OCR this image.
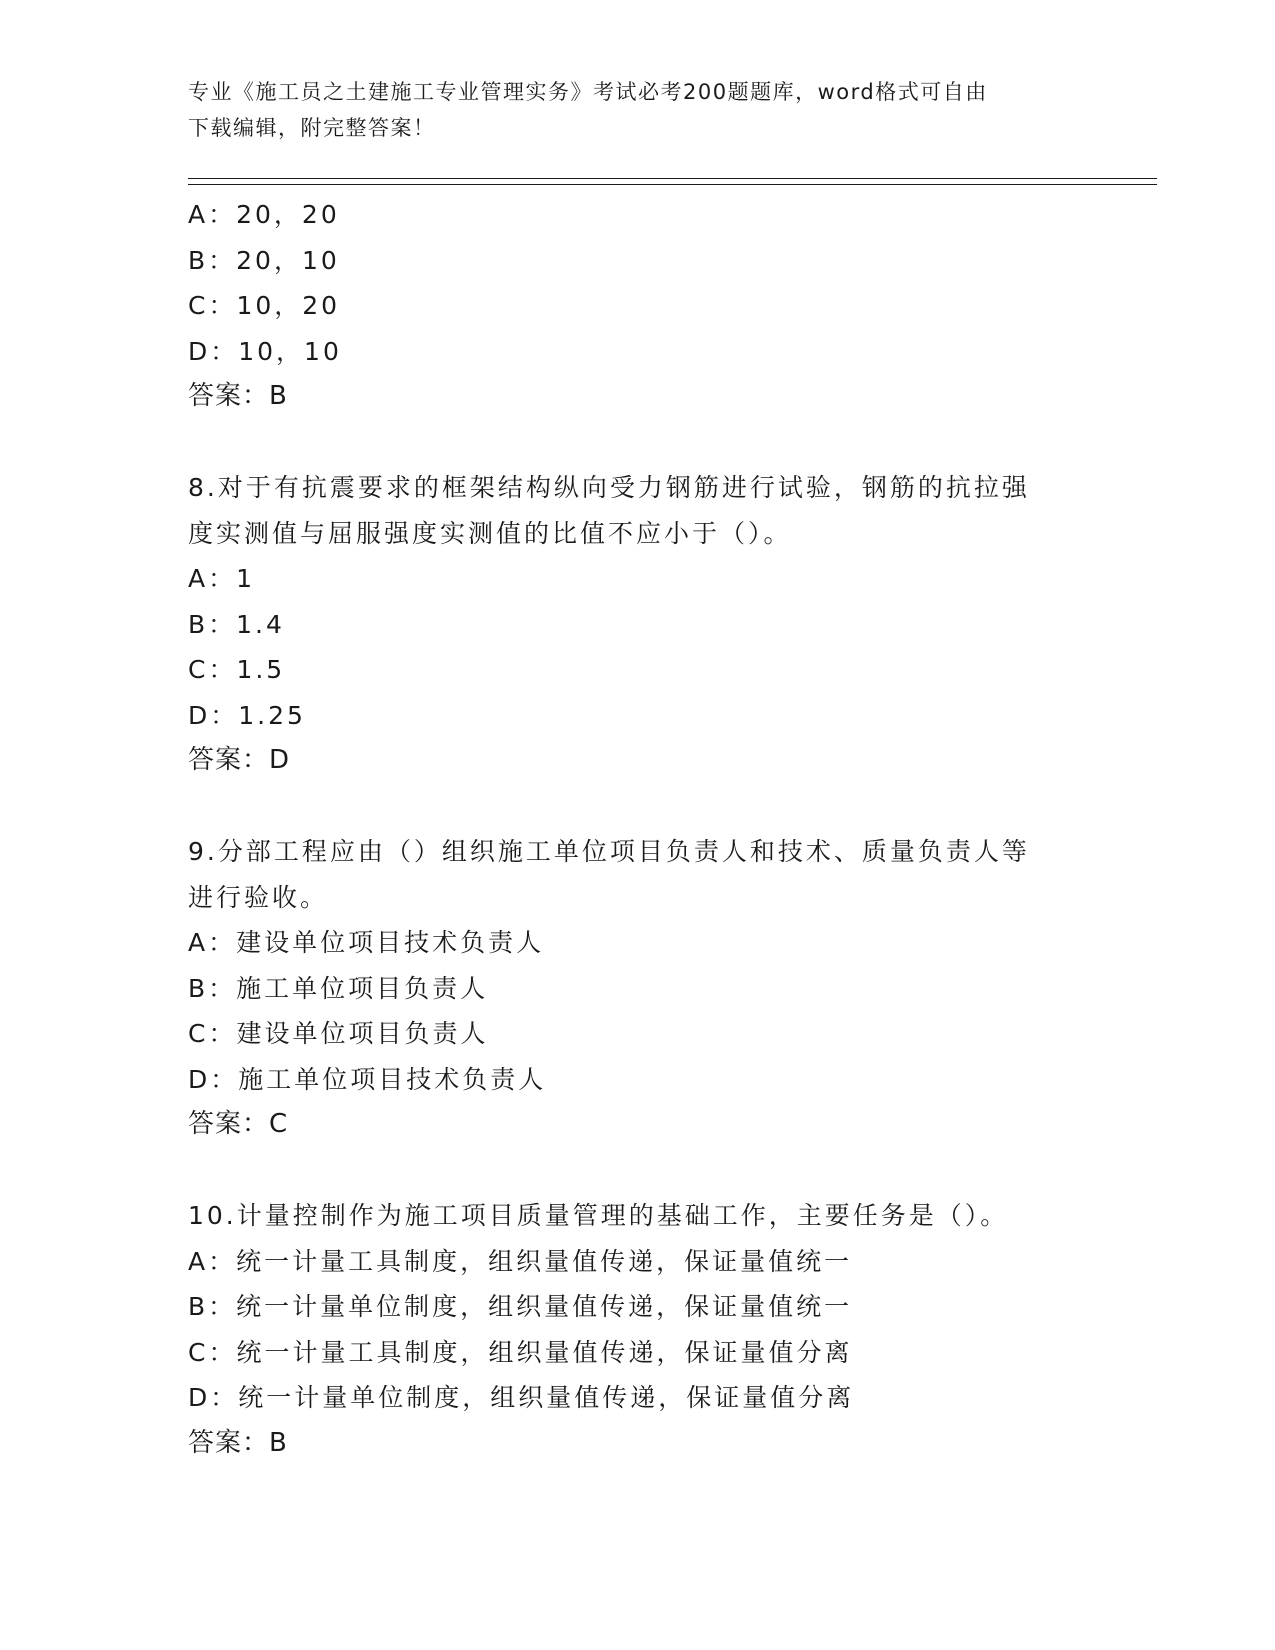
专业《施工员之土建施工专业管理实务》考试必考200题题库，word格式可自由
下载编辑，附完整答案！
A：20，20
B：20，10
C：10，20
D：10，10
答案：B
8.对于有抗震要求的框架结构纵向受力钢筋进行试验，钢筋的抗拉强
度实测值与屈服强度实测值的比值不应小于（）。
A：1
B：1.4
C：1.5
D：1.25
答案：D
9.分部工程应由（）组织施工单位项目负责人和技术、质量负责人等
进行验收。
A：建设单位项目技术负责人
B：施工单位项目负责人
C：建设单位项目负责人
D：施工单位项目技术负责人
答案：C
10.计量控制作为施工项目质量管理的基础工作，主要任务是（）。
A：统一计量工具制度，组织量值传递，保证量值统一
B：统一计量单位制度，组织量值传递，保证量值统一
C：统一计量工具制度，组织量值传递，保证量值分离
D：统一计量单位制度，组织量值传递，保证量值分离
答案：B
